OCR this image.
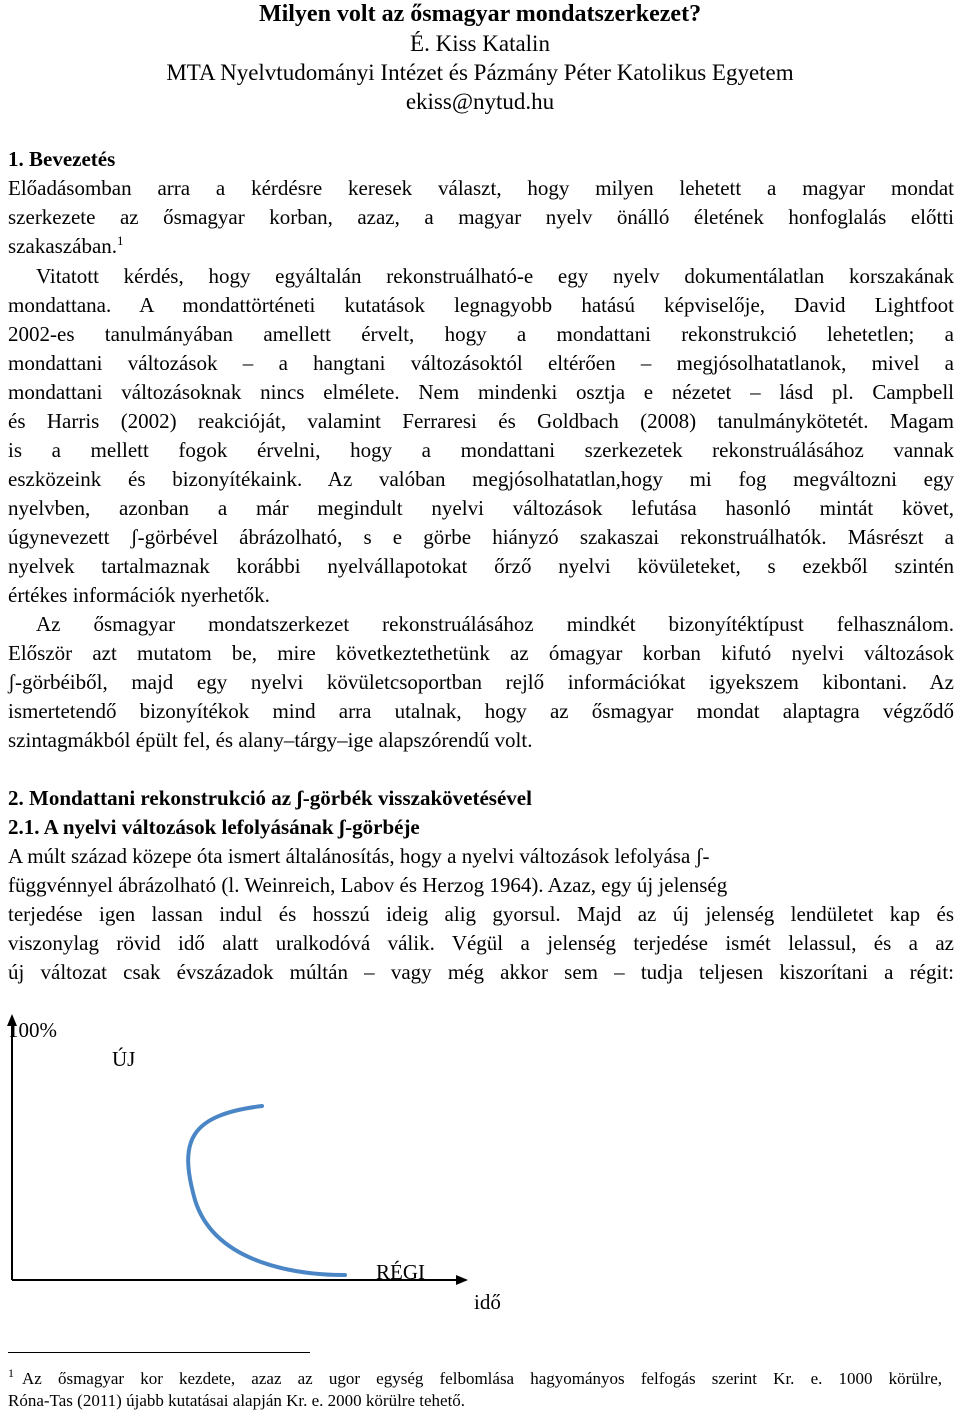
Milyen volt az ősmagyar mondatszerkezet?
É. Kiss Katalin
MTA Nyelvtudományi Intézet és Pázmány Péter Katolikus Egyetem
ekiss@nytud.hu
1. Bevezetés
Előadásomban arra a kérdésre keresek választ, hogy milyen lehetett a magyar mondat
szerkezete az ősmagyar korban, azaz, a magyar nyelv önálló életének honfoglalás előtti
szakaszában.$^1$
Vitatott kérdés, hogy egyáltalán rekonstruálható-e egy nyelv dokumentálatlan korszakának
mondattana. A mondattörténeti kutatások legnagyobb hatású képviselője, David Lightfoot
2002-es tanulmányában amellett érvelt, hogy a mondattani rekonstrukció lehetetlen; a
mondattani változások – a hangtani változásoktól eltérően – megjósolhatatlanok, mivel a
mondattani változásoknak nincs elmélete. Nem mindenki osztja e nézetet – lásd pl. Campbell
és Harris (2002) reakcióját, valamint Ferraresi és Goldbach (2008) tanulmánykötetét. Magam
is a mellett fogok érvelni, hogy a mondattani szerkezetek rekonstruálásához vannak
eszközeink és bizonyítékaink. Az valóban megjósolhatatlan,hogy mi fog megváltozni egy
nyelvben, azonban a már megindult nyelvi változások lefutása hasonló mintát követ,
úgynevezett ʃ-görbével ábrázolható, s e görbe hiányzó szakaszai rekonstruálhatók. Másrészt a
nyelvek tartalmaznak korábbi nyelvállapotokat őrző nyelvi kövületeket, s ezekből szintén
értékes információk nyerhetők.
Az ősmagyar mondatszerkezet rekonstruálásához mindkét bizonyítéktípust felhasználom.
Először azt mutatom be, mire következtethetünk az ómagyar korban kifutó nyelvi változások
ʃ-görbéiből, majd egy nyelvi kövületcsoportban rejlő információkat igyekszem kibontani. Az
ismertetendő bizonyítékok mind arra utalnak, hogy az ősmagyar mondat alaptagra végződő
szintagmákból épült fel, és alany–tárgy–ige alapszórendű volt.
2. Mondattani rekonstrukció az ʃ-görbék visszakövetésével
2.1. A nyelvi változások lefolyásának ʃ-görbéje
A múlt század közepe óta ismert általánosítás, hogy a nyelvi változások lefolyása ʃ-
függvénnyel ábrázolható (l. Weinreich, Labov és Herzog 1964). Azaz, egy új jelenség
terjedése igen lassan indul és hosszú ideig alig gyorsul. Majd az új jelenség lendületet kap és
viszonylag rövid idő alatt uralkodóvá válik. Végül a jelenség terjedése ismét lelassul, és a az
új változat csak évszázadok múltán – vagy még akkor sem – tudja teljesen kiszorítani a régit:
100%
ÚJ
RÉGI
idő
1 Az ősmagyar kor kezdete, azaz az ugor egység felbomlása hagyományos felfogás szerint Kr. e. 1000 körülre,
Róna-Tas (2011) újabb kutatásai alapján Kr. e. 2000 körülre tehető.
